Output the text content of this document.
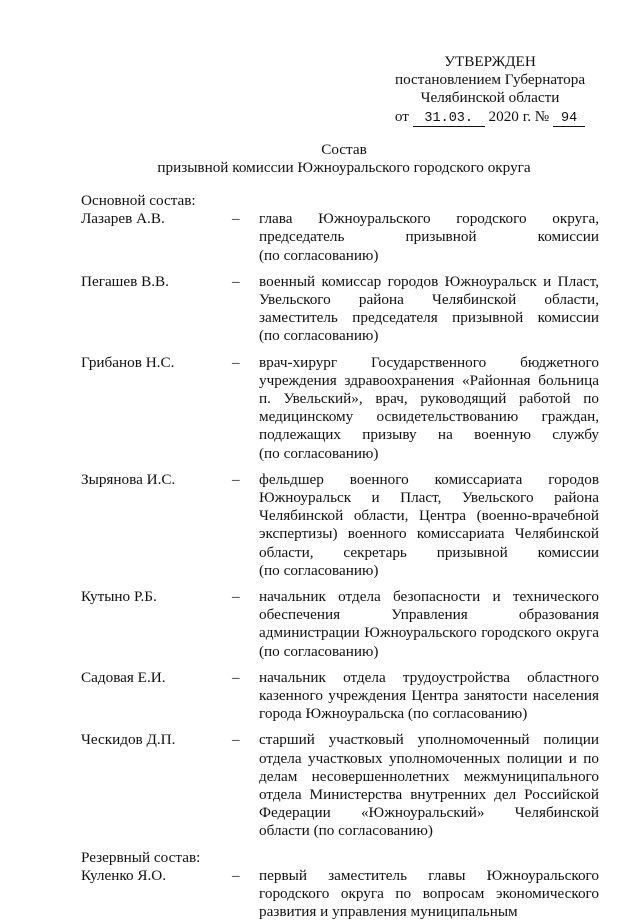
УТВЕРЖДЕН
постановлением Губернатора
Челябинской области
от 31.03. 2020 г. № 94
Состав
призывной комиссии Южноуральского городского округа
Основной состав:
Лазарев А.В.	–	глава Южноуральского городского округа,
председатель призывной комиссии
(по согласованию)
Пегашев В.В.	–	военный комиссар городов Южноуральск и Пласт,
Увельского района Челябинской области,
заместитель председателя призывной комиссии
(по согласованию)
Грибанов Н.С.	–	врач-хирург Государственного бюджетного
учреждения здравоохранения «Районная больница
п. Увельский», врач, руководящий работой по
медицинскому освидетельствованию граждан,
подлежащих призыву на военную службу
(по согласованию)
Зырянова И.С.	–	фельдшер военного комиссариата городов
Южноуральск и Пласт, Увельского района
Челябинской области, Центра (военно-врачебной
экспертизы) военного комиссариата Челябинской
области, секретарь призывной комиссии
(по согласованию)
Кутыно Р.Б.	–	начальник отдела безопасности и технического
обеспечения Управления образования
администрации Южноуральского городского округа
(по согласованию)
Садовая Е.И.	–	начальник отдела трудоустройства областного
казенного учреждения Центра занятости населения
города Южноуральска (по согласованию)
Ческидов Д.П.	–	старший участковый уполномоченный полиции
отдела участковых уполномоченных полиции и по
делам несовершеннолетних межмуниципального
отдела Министерства внутренних дел Российской
Федерации «Южноуральский» Челябинской
области (по согласованию)
Резервный состав:
Куленко Я.О.	–	первый заместитель главы Южноуральского
городского округа по вопросам экономического
развития и управления муниципальным
